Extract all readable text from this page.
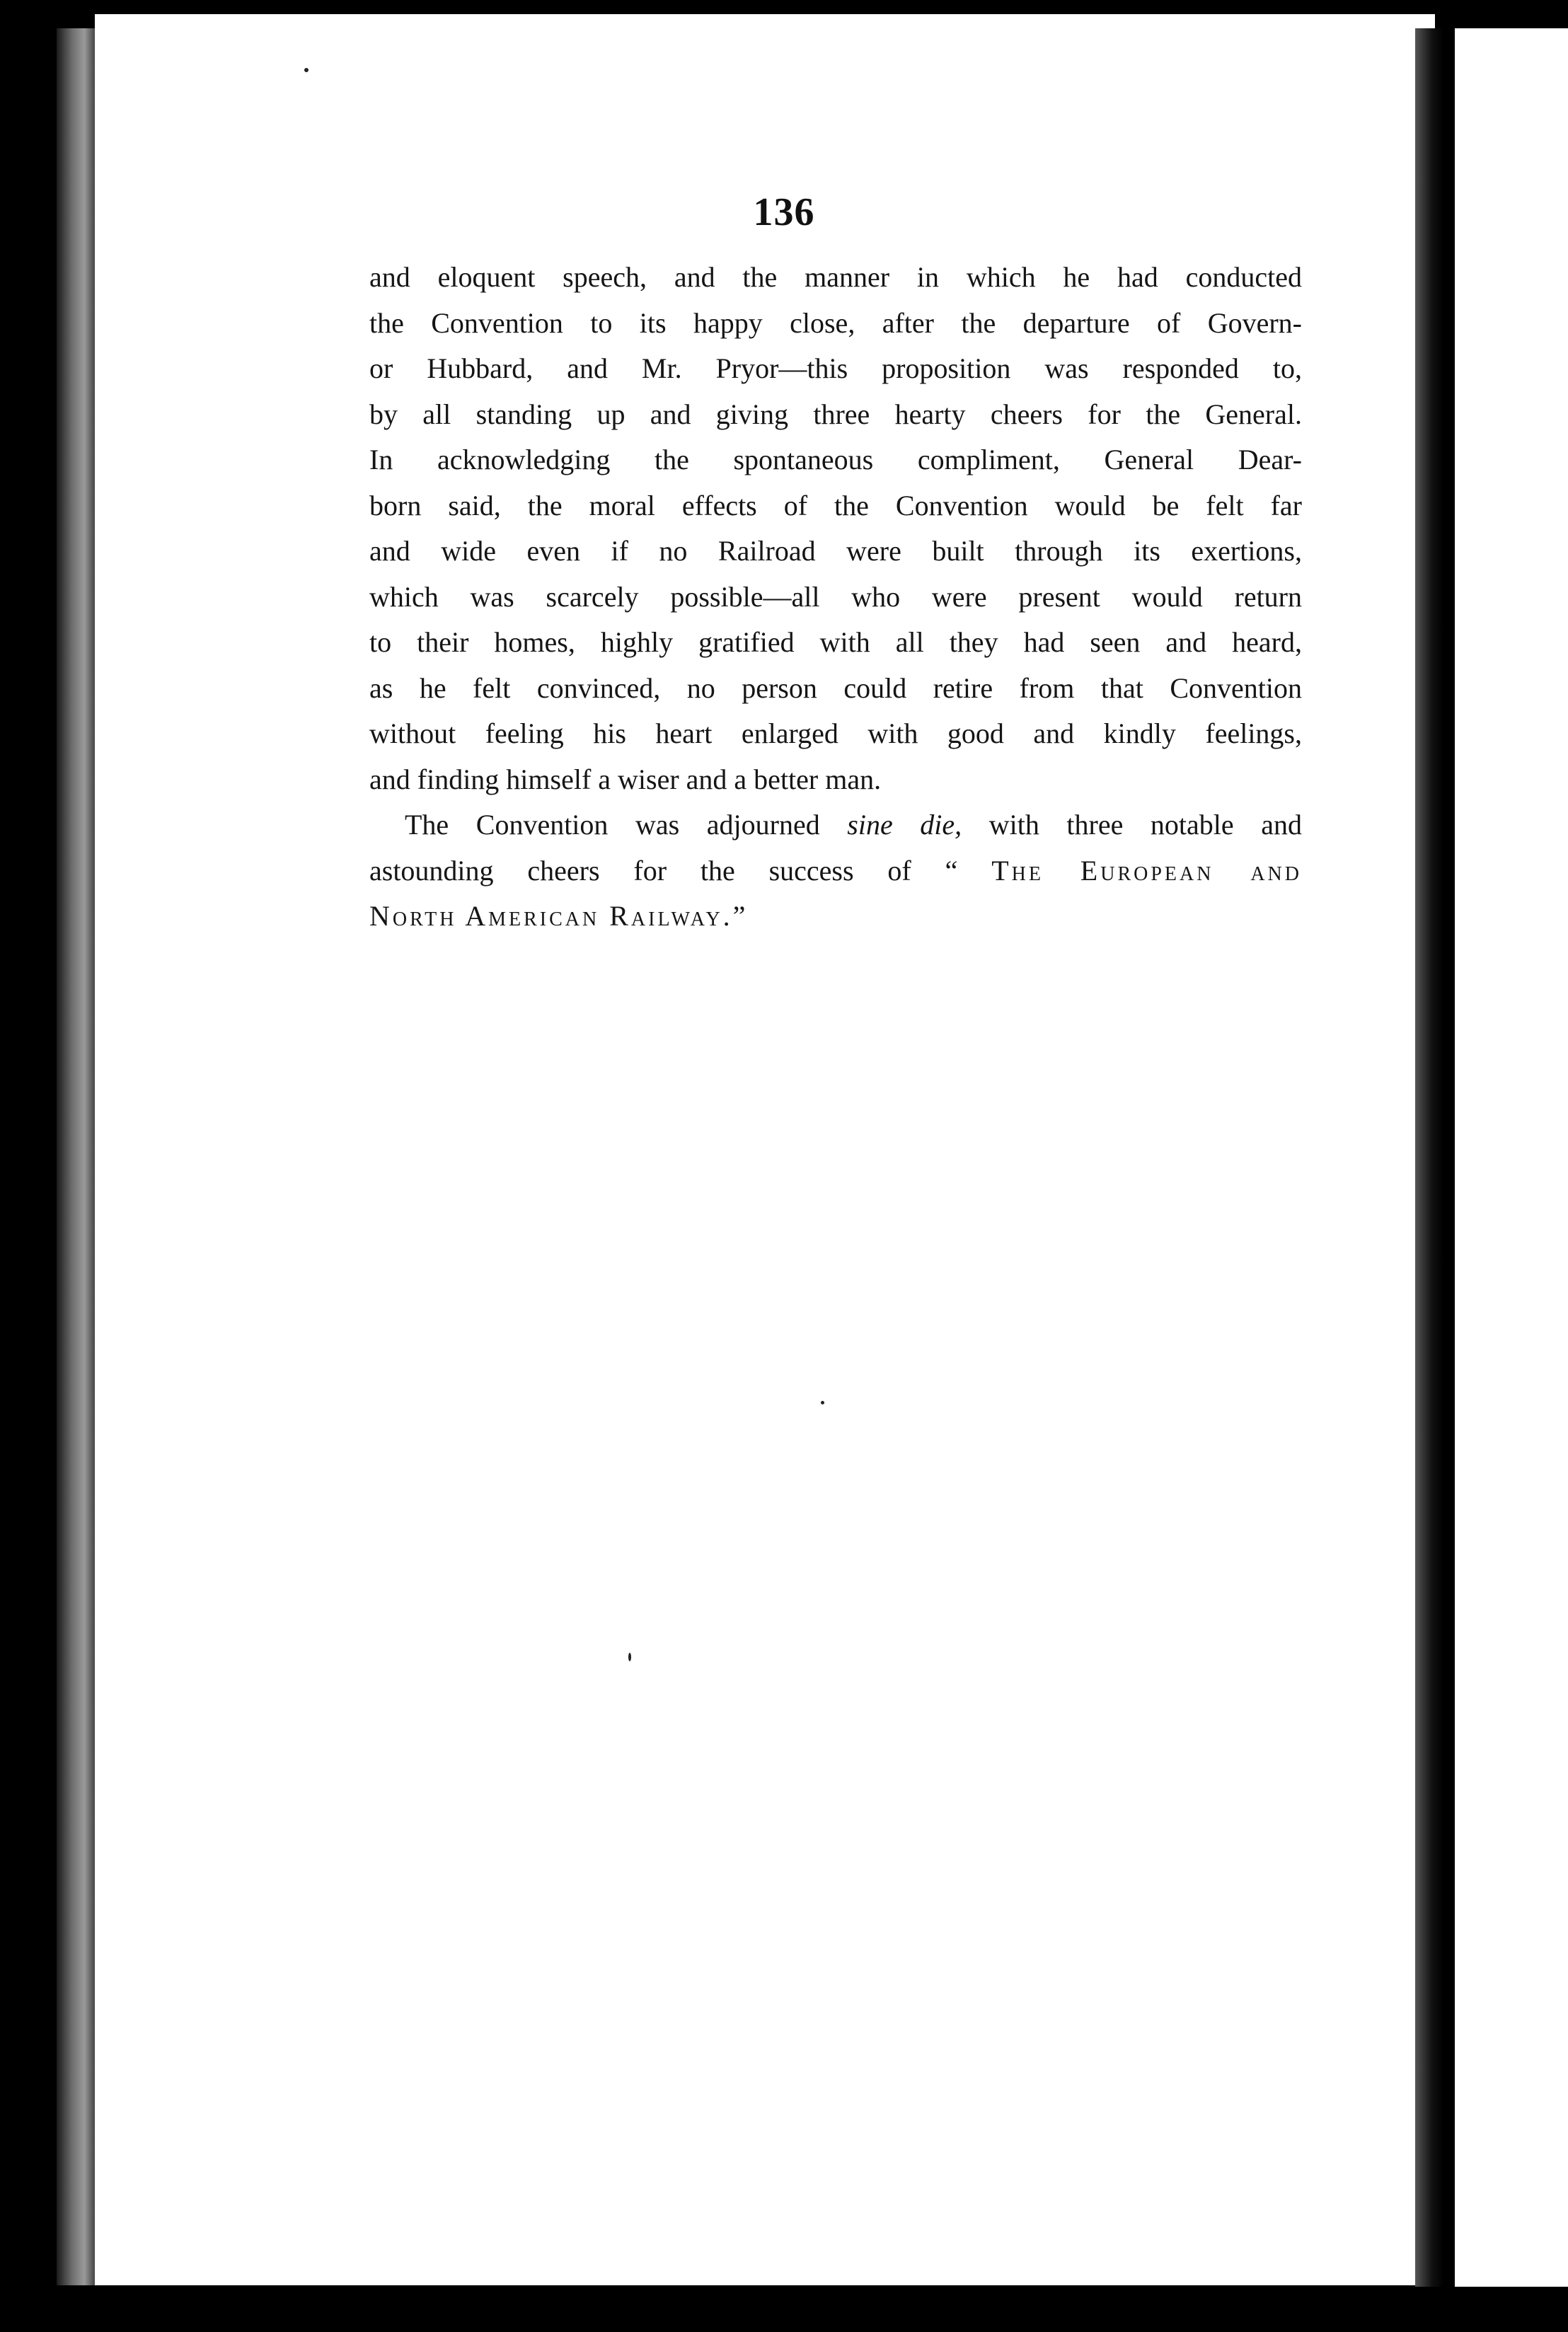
136
and eloquent speech, and the manner in which he had conducted
the Convention to its happy close, after the departure of Govern-
or Hubbard, and Mr. Pryor—this proposition was responded to,
by all standing up and giving three hearty cheers for the General.
In acknowledging the spontaneous compliment, General Dear-
born said, the moral effects of the Convention would be felt far
and wide even if no Railroad were built through its exertions,
which was scarcely possible—all who were present would return
to their homes, highly gratified with all they had seen and heard,
as he felt convinced, no person could retire from that Convention
without feeling his heart enlarged with good and kindly feelings,
and finding himself a wiser and a better man.
The Convention was adjourned sine die, with three notable and
astounding cheers for the success of “ The European and
North American Railway.”
